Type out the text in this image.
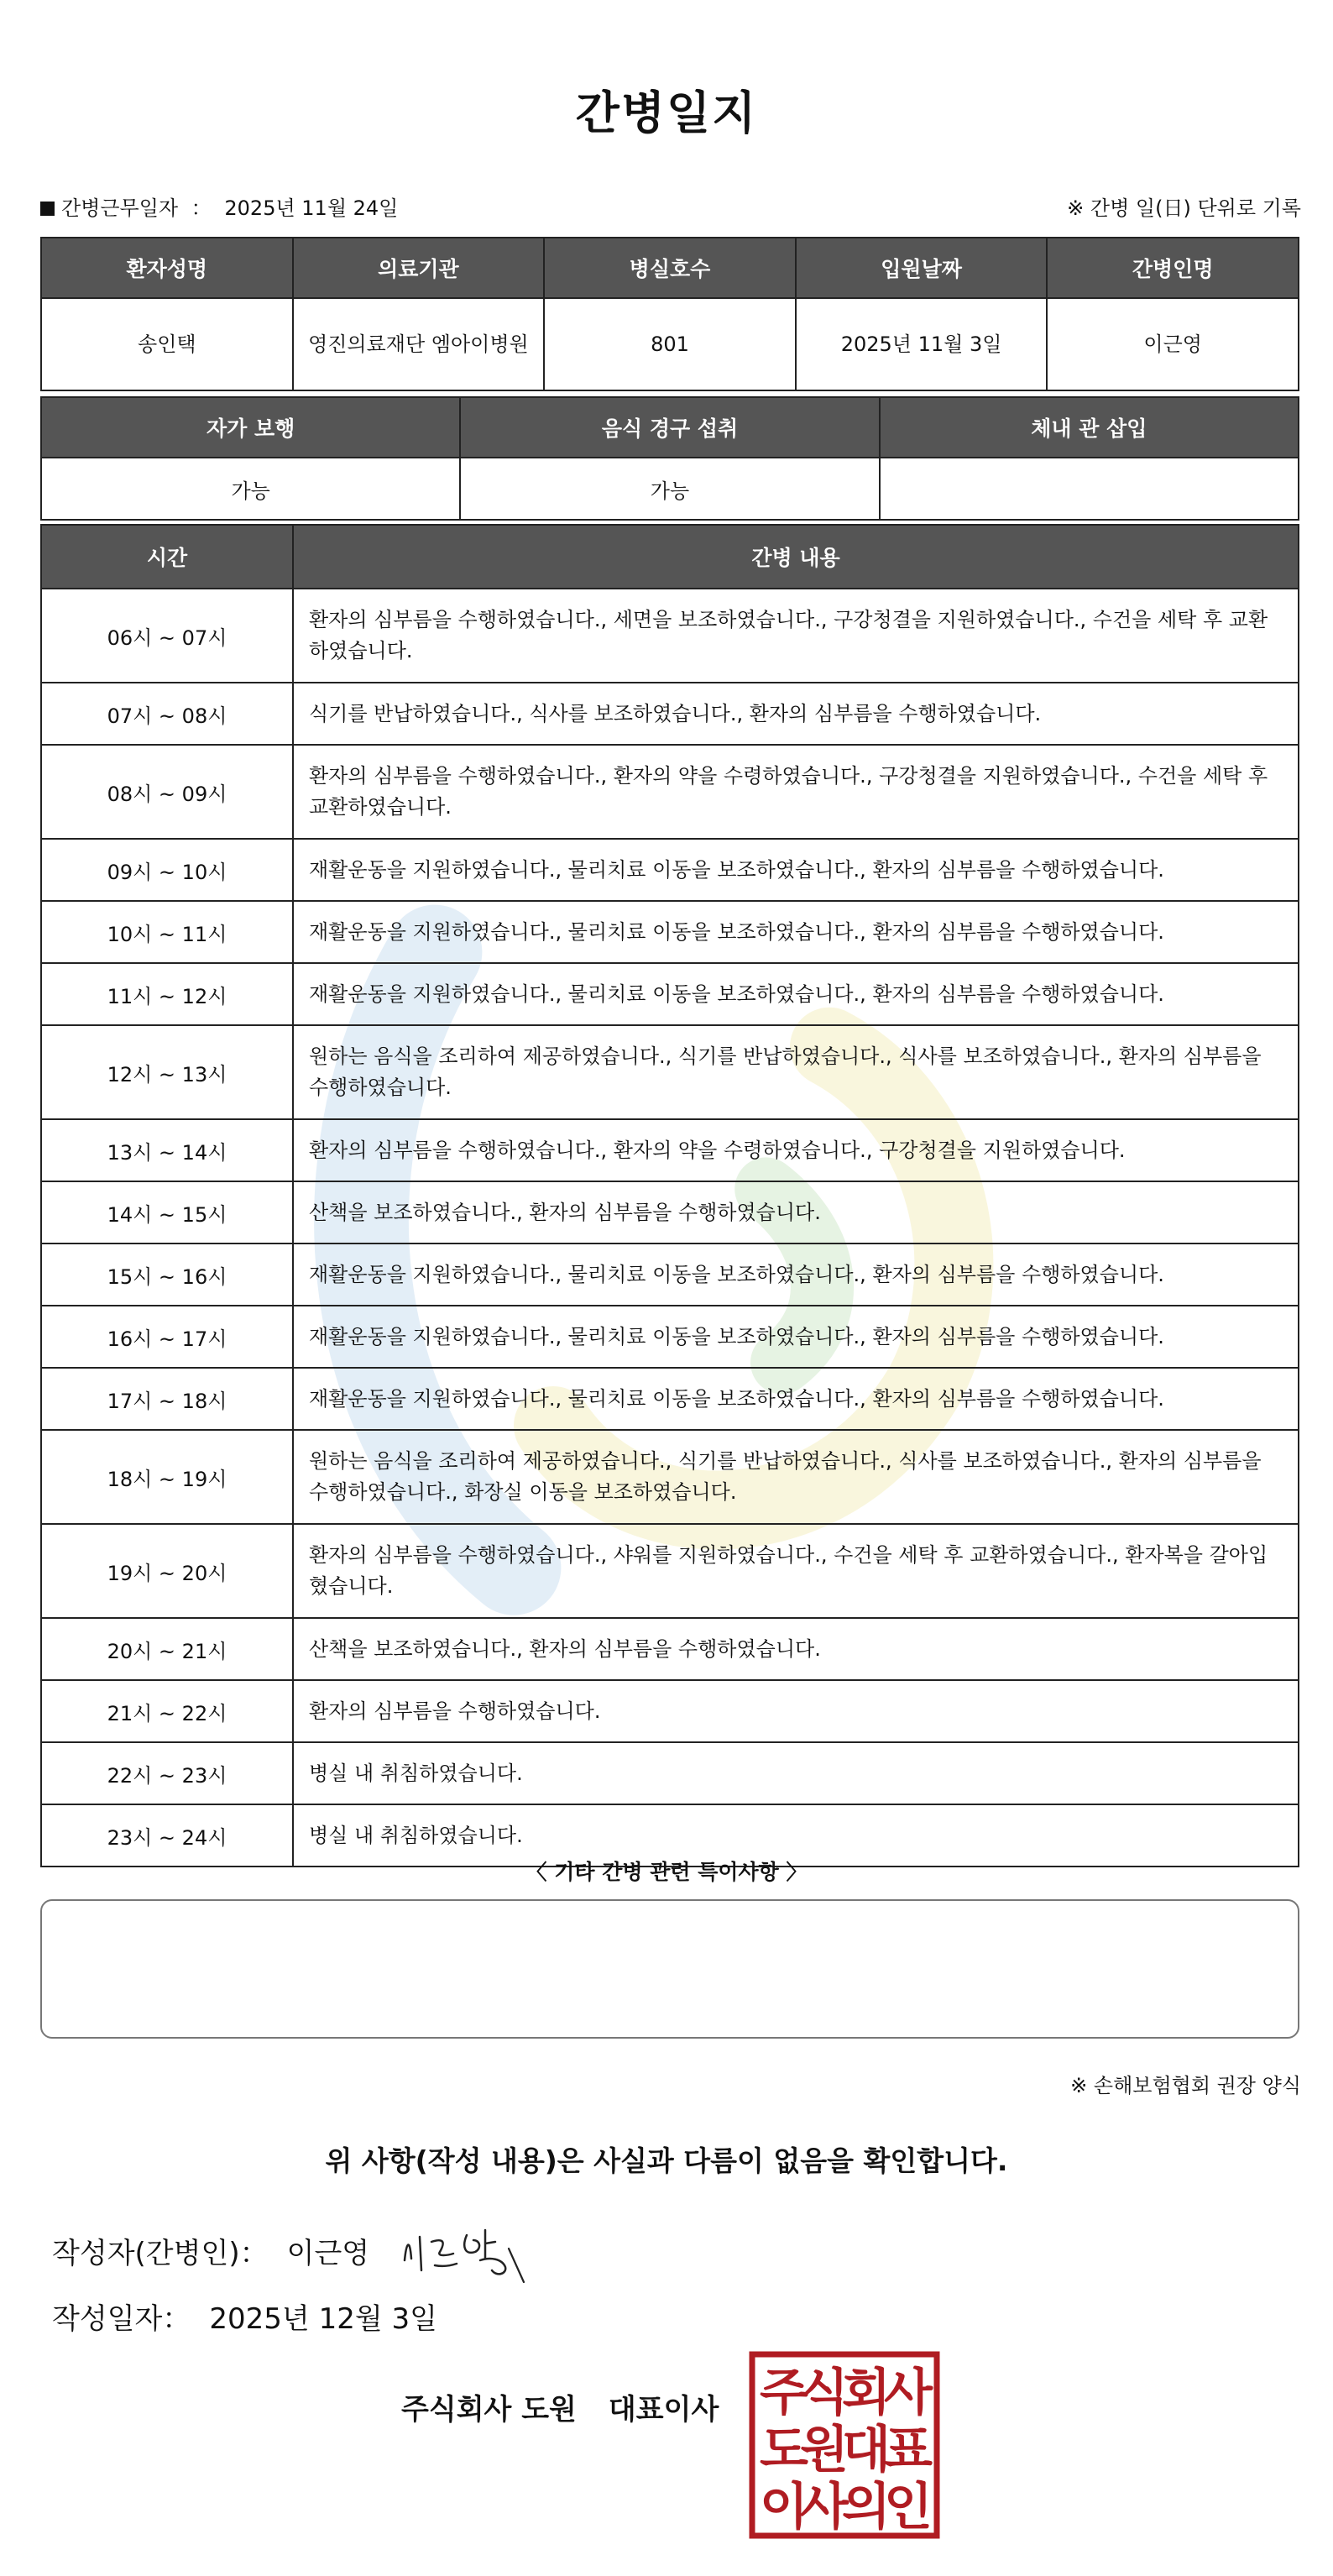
간병일지
간병근무일자 ： 2025년 11월 24일	※ 간병 일(日) 단위로 기록
환자성명	의료기관	병실호수	입원날짜	간병인명
송인택	영진의료재단 엠아이병원	801	2025년 11월 3일	이근영
자가 보행	음식 경구 섭취	체내 관 삽입
가능	가능	
시간	간병 내용
06시 ~ 07시	환자의 심부름을 수행하였습니다., 세면을 보조하였습니다., 구강청결을 지원하였습니다., 수건을 세탁 후 교환하였습니다.
07시 ~ 08시	식기를 반납하였습니다., 식사를 보조하였습니다., 환자의 심부름을 수행하였습니다.
08시 ~ 09시	환자의 심부름을 수행하였습니다., 환자의 약을 수령하였습니다., 구강청결을 지원하였습니다., 수건을 세탁 후 교환하였습니다.
09시 ~ 10시	재활운동을 지원하였습니다., 물리치료 이동을 보조하였습니다., 환자의 심부름을 수행하였습니다.
10시 ~ 11시	재활운동을 지원하였습니다., 물리치료 이동을 보조하였습니다., 환자의 심부름을 수행하였습니다.
11시 ~ 12시	재활운동을 지원하였습니다., 물리치료 이동을 보조하였습니다., 환자의 심부름을 수행하였습니다.
12시 ~ 13시	원하는 음식을 조리하여 제공하였습니다., 식기를 반납하였습니다., 식사를 보조하였습니다., 환자의 심부름을 수행하였습니다.
13시 ~ 14시	환자의 심부름을 수행하였습니다., 환자의 약을 수령하였습니다., 구강청결을 지원하였습니다.
14시 ~ 15시	산책을 보조하였습니다., 환자의 심부름을 수행하였습니다.
15시 ~ 16시	재활운동을 지원하였습니다., 물리치료 이동을 보조하였습니다., 환자의 심부름을 수행하였습니다.
16시 ~ 17시	재활운동을 지원하였습니다., 물리치료 이동을 보조하였습니다., 환자의 심부름을 수행하였습니다.
17시 ~ 18시	재활운동을 지원하였습니다., 물리치료 이동을 보조하였습니다., 환자의 심부름을 수행하였습니다.
18시 ~ 19시	원하는 음식을 조리하여 제공하였습니다., 식기를 반납하였습니다., 식사를 보조하였습니다., 환자의 심부름을 수행하였습니다., 화장실 이동을 보조하였습니다.
19시 ~ 20시	환자의 심부름을 수행하였습니다., 샤워를 지원하였습니다., 수건을 세탁 후 교환하였습니다., 환자복을 갈아입혔습니다.
20시 ~ 21시	산책을 보조하였습니다., 환자의 심부름을 수행하였습니다.
21시 ~ 22시	환자의 심부름을 수행하였습니다.
22시 ~ 23시	병실 내 취침하였습니다.
23시 ~ 24시	병실 내 취침하였습니다.
〈 기타 간병 관련 특이사항 〉
※ 손해보험협회 권장 양식
위 사항(작성 내용)은 사실과 다름이 없음을 확인합니다.
작성자(간병인)： 이근영
작성일자： 2025년 12월 3일
주식회사 도원 대표이사 주
식
회
사
도
원
대
표
이
사
의
인
